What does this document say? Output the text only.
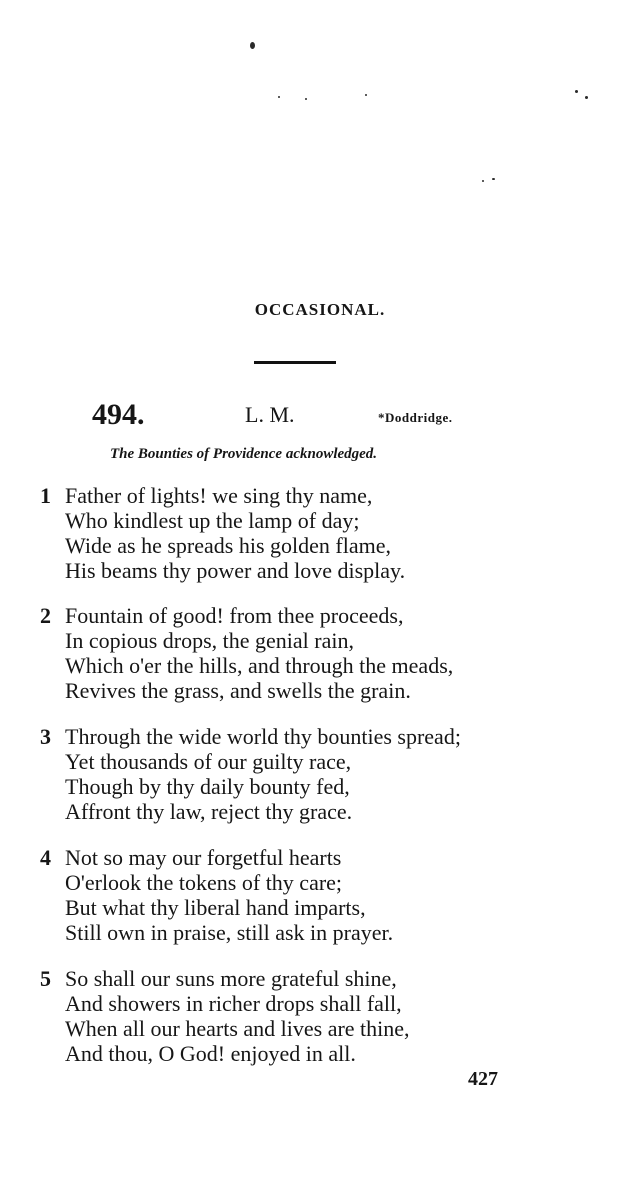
OCCASIONAL.
494.	L. M.	*Doddridge.
The Bounties of Providence acknowledged.
1 Father of lights! we sing thy name,
Who kindlest up the lamp of day;
Wide as he spreads his golden flame,
His beams thy power and love display.
2 Fountain of good! from thee proceeds,
In copious drops, the genial rain,
Which o'er the hills, and through the meads,
Revives the grass, and swells the grain.
3 Through the wide world thy bounties spread;
Yet thousands of our guilty race,
Though by thy daily bounty fed,
Affront thy law, reject thy grace.
4 Not so may our forgetful hearts
O'erlook the tokens of thy care;
But what thy liberal hand imparts,
Still own in praise, still ask in prayer.
5 So shall our suns more grateful shine,
And showers in richer drops shall fall,
When all our hearts and lives are thine,
And thou, O God! enjoyed in all.
427
